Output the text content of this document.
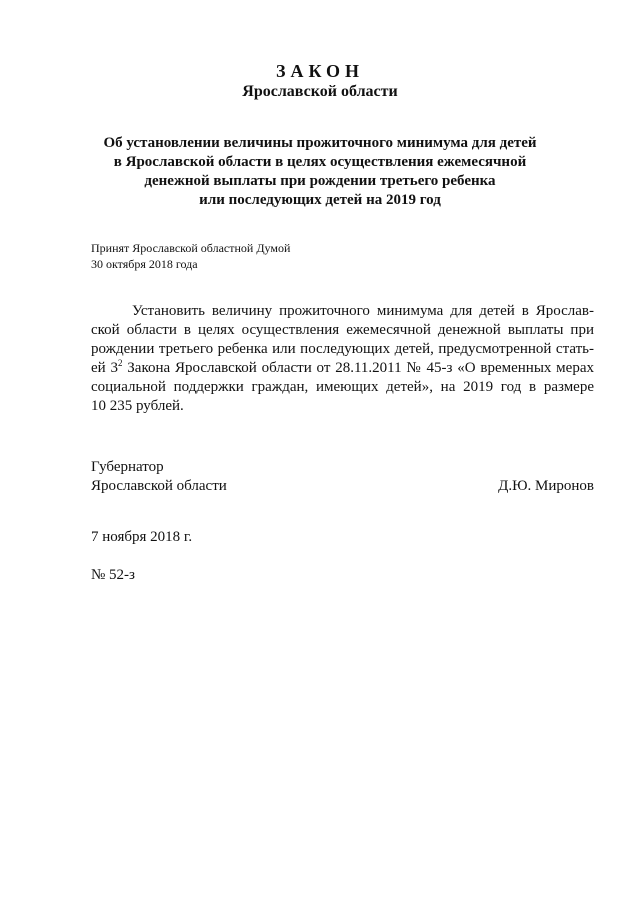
ЗАКОН
Ярославской области
Об установлении величины прожиточного минимума для детей
в Ярославской области в целях осуществления ежемесячной
денежной выплаты при рождении третьего ребенка
или последующих детей на 2019 год
Принят Ярославской областной Думой
30 октября 2018 года
Установить величину прожиточного минимума для детей в Ярослав-
ской области в целях осуществления ежемесячной денежной выплаты при
рождении третьего ребенка или последующих детей, предусмотренной стать-
ей $3^2$ Закона Ярославской области от 28.11.2011 № 45-з «О временных мерах
социальной поддержки граждан, имеющих детей», на 2019 год в размере
10 235 рублей.
Губернатор
Ярославской области	Д.Ю. Миронов
7 ноября 2018 г.
№ 52-з
